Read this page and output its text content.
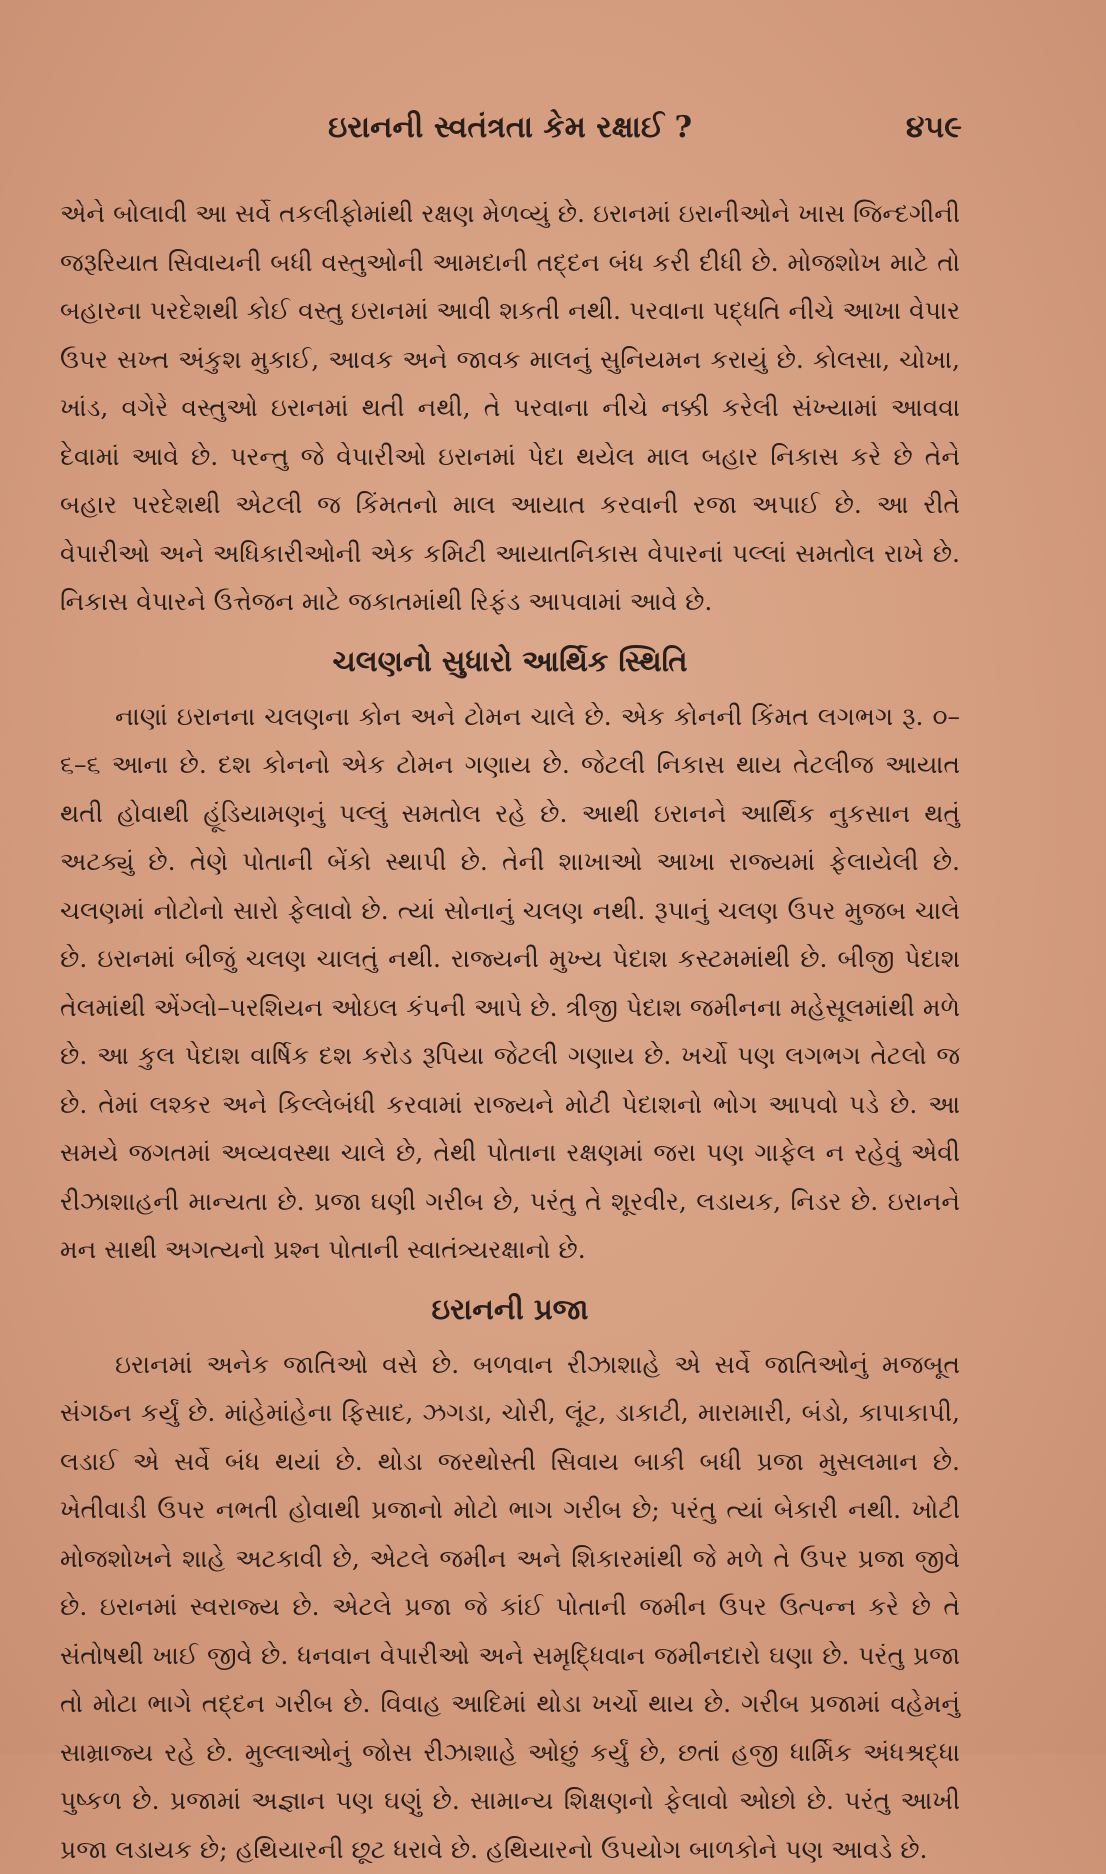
ઇરાનની સ્વતંત્રતા કેમ રક્ષાઈ ?	૪૫૯

એને બોલાવી આ સર્વે તકલીફોમાંથી રક્ષણ મેળવ્યું છે. ઇરાનમાં ઇરાનીઓને ખાસ જિન્દગીની જરૂરિયાત સિવાયની બધી વસ્તુઓની આમદાની તદ્દન બંધ કરી દીધી છે. મોજશોખ માટે તો બહારના પરદેશથી કોઈ વસ્તુ ઇરાનમાં આવી શકતી નથી. પરવાના પદ્ધતિ નીચે આખા વેપાર ઉપર સખ્ત અંકુશ મુકાઈ, આવક અને જાવક માલનું સુનિયમન કરાયું છે. કોલસા, ચોખા, ખાંડ, વગેરે વસ્તુઓ ઇરાનમાં થતી નથી, તે પરવાના નીચે નક્કી કરેલી સંખ્યામાં આવવા દેવામાં આવે છે. પરન્તુ જે વેપારીઓ ઇરાનમાં પેદા થયેલ માલ બહાર નિકાસ કરે છે તેને બહાર પરદેશથી એટલી જ કિંમતનો માલ આયાત કરવાની રજા અપાઈ છે. આ રીતે વેપારીઓ અને અધિકારીઓની એક કમિટી આયાતનિકાસ વેપારનાં પલ્લાં સમતોલ રાખે છે. નિકાસ વેપારને ઉત્તેજન માટે જકાતમાંથી રિફંડ આપવામાં આવે છે.

ચલણનો સુધારો આર્થિક સ્થિતિ

નાણાં ઇરાનના ચલણના કોન અને ટોમન ચાલે છે. એક કોનની કિંમત લગભગ રૂ. ૦–૬–૬ આના છે. દશ કોનનો એક ટોમન ગણાય છે. જેટલી નિકાસ થાય તેટલીજ આયાત થતી હોવાથી હૂંડિયામણનું પલ્લું સમતોલ રહે છે. આથી ઇરાનને આર્થિક નુકસાન થતું અટક્યું છે. તેણે પોતાની બેંકો સ્થાપી છે. તેની શાખાઓ આખા રાજ્યમાં ફેલાયેલી છે. ચલણમાં નોટોનો સારો ફેલાવો છે. ત્યાં સોનાનું ચલણ નથી. રૂપાનું ચલણ ઉપર મુજબ ચાલે છે. ઇરાનમાં બીજું ચલણ ચાલતું નથી. રાજ્યની મુખ્ય પેદાશ કસ્ટમમાંથી છે. બીજી પેદાશ તેલમાંથી એંગ્લો–પરશિયન ઓઇલ કંપની આપે છે. ત્રીજી પેદાશ જમીનના મહેસૂલમાંથી મળે છે. આ કુલ પેદાશ વાર્ષિક દશ કરોડ રૂપિયા જેટલી ગણાય છે. ખર્ચો પણ લગભગ તેટલો જ છે. તેમાં લશ્કર અને કિલ્લેબંધી કરવામાં રાજ્યને મોટી પેદાશનો ભોગ આપવો પડે છે. આ સમયે જગતમાં અવ્યવસ્થા ચાલે છે, તેથી પોતાના રક્ષણમાં જરા પણ ગાફેલ ન રહેવું એવી રીઝાશાહની માન્યતા છે. પ્રજા ઘણી ગરીબ છે, પરંતુ તે શૂરવીર, લડાયક, નિડર છે. ઇરાનને મન સાથી અગત્યનો પ્રશ્ન પોતાની સ્વાતંત્ર્યરક્ષાનો છે.

ઇરાનની પ્રજા

ઇરાનમાં અનેક જાતિઓ વસે છે. બળવાન રીઝાશાહે એ સર્વે જાતિઓનું મજબૂત સંગઠન કર્યું છે. માંહેમાંહેના ફિસાદ, ઝગડા, ચોરી, લૂંટ, ડાકાટી, મારામારી, બંડો, કાપાકાપી, લડાઈ એ સર્વે બંધ થયાં છે. થોડા જરથોસ્તી સિવાય બાકી બધી પ્રજા મુસલમાન છે. ખેતીવાડી ઉપર નભતી હોવાથી પ્રજાનો મોટો ભાગ ગરીબ છે; પરંતુ ત્યાં બેકારી નથી. ખોટી મોજશોખને શાહે અટકાવી છે, એટલે જમીન અને શિકારમાંથી જે મળે તે ઉપર પ્રજા જીવે છે. ઇરાનમાં સ્વરાજ્ય છે. એટલે પ્રજા જે કાંઈ પોતાની જમીન ઉપર ઉત્પન્ન કરે છે તે સંતોષથી ખાઈ જીવે છે. ધનવાન વેપારીઓ અને સમૃદ્ધિવાન જમીનદારો ઘણા છે. પરંતુ પ્રજા તો મોટા ભાગે તદ્દન ગરીબ છે. વિવાહ આદિમાં થોડા ખર્ચો થાય છે. ગરીબ પ્રજામાં વહેમનું સામ્રાજ્ય રહે છે. મુલ્લાઓનું જોસ રીઝાશાહે ઓછું કર્યું છે, છતાં હજી ધાર્મિક અંધશ્રદ્ધા પુષ્કળ છે. પ્રજામાં અજ્ઞાન પણ ઘણું છે. સામાન્ય શિક્ષણનો ફેલાવો ઓછો છે. પરંતુ આખી પ્રજા લડાયક છે; હથિયારની છૂટ ધરાવે છે. હથિયારનો ઉપયોગ બાળકોને પણ આવડે છે.
